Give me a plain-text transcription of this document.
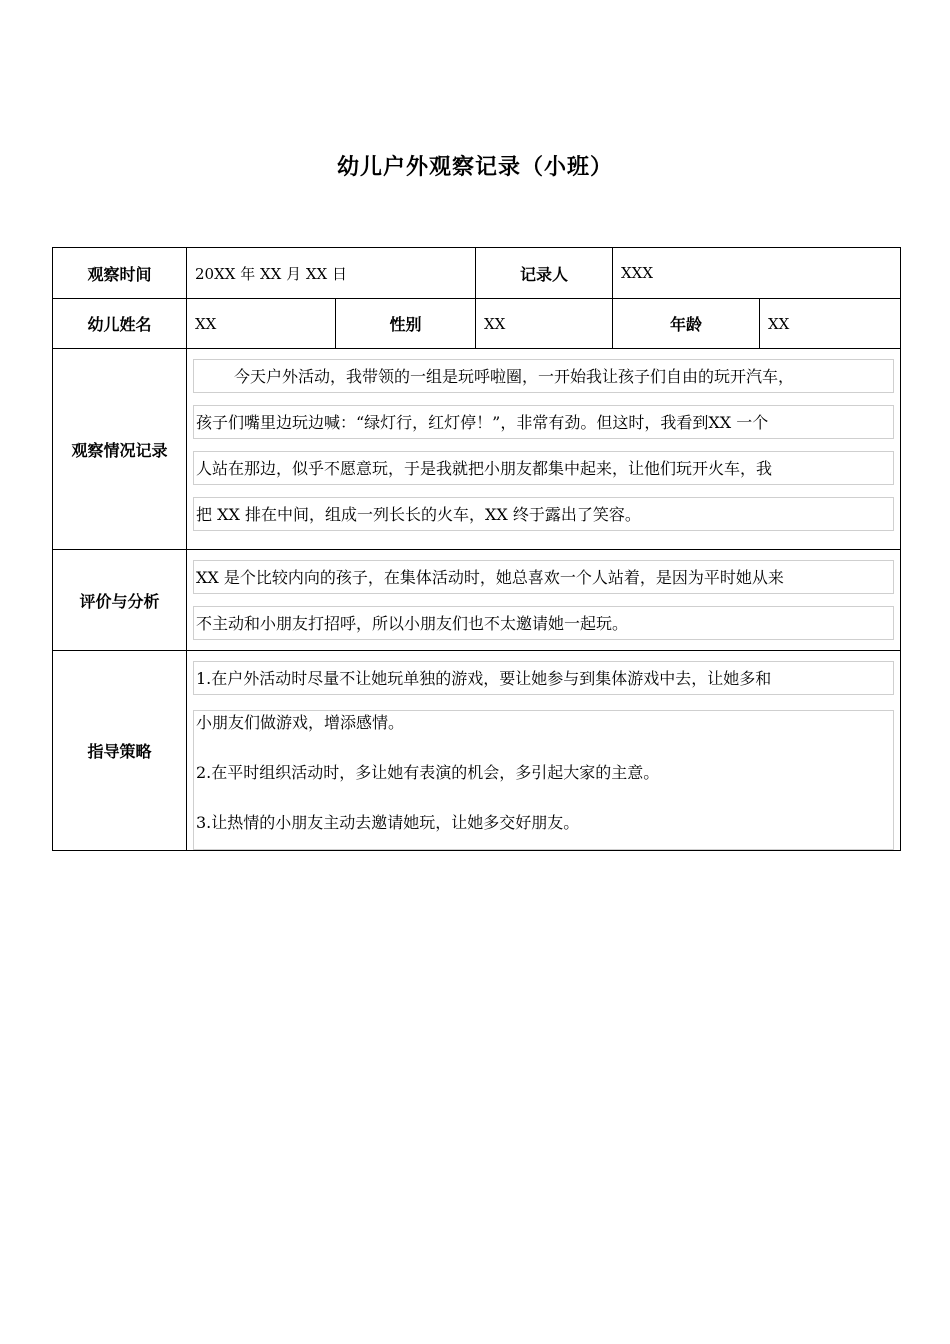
幼儿户外观察记录（小班）
观察时间	20XX 年 XX 月 XX 日		记录人	XXX	
幼儿姓名	XX	性别	XX	年龄	XX
观察情况记录	今天户外活动，我带领的一组是玩呼啦圈，一开始我让孩子们自由的玩开汽车，
孩子们嘴里边玩边喊：“绿灯行，红灯停！”，非常有劲。但这时，我看到XX 一个
人站在那边，似乎不愿意玩，于是我就把小朋友都集中起来，让他们玩开火车，我
把 XX 排在中间，组成一列长长的火车，XX 终于露出了笑容。				

评价与分析	XX 是个比较内向的孩子，在集体活动时，她总喜欢一个人站着，是因为平时她从来
不主动和小朋友打招呼，所以小朋友们也不太邀请她一起玩。				

指导策略	1.在户外活动时尽量不让她玩单独的游戏，要让她参与到集体游戏中去，让她多和
小朋友们做游戏，增添感情。
2.在平时组织活动时，多让她有表演的机会，多引起大家的主意。
3.让热情的小朋友主动去邀请她玩，让她多交好朋友。				
